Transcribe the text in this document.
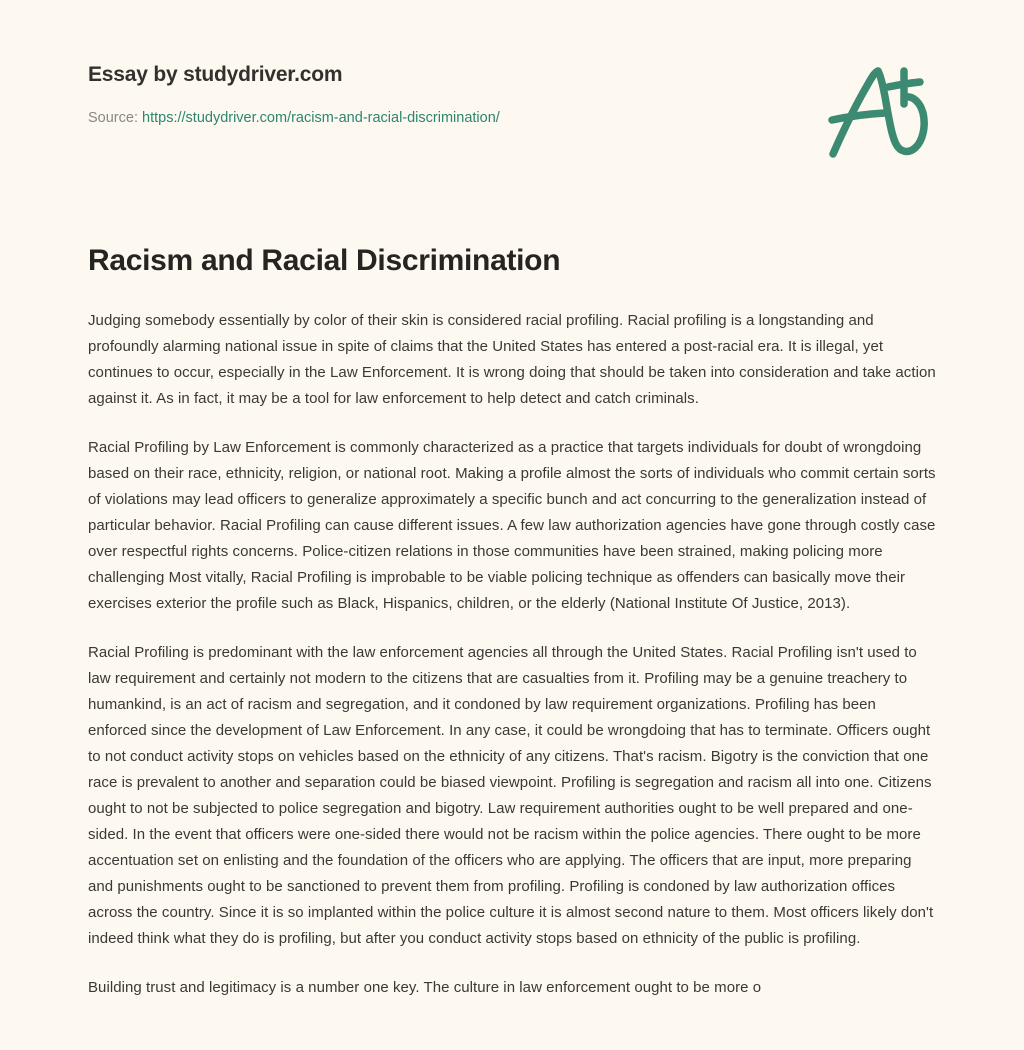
Essay by studydriver.com
Source: https://studydriver.com/racism-and-racial-discrimination/
Racism and Racial Discrimination

Judging somebody essentially by color of their skin is considered racial profiling. Racial profiling is a longstanding and profoundly alarming national issue in spite of claims that the United States has entered a post-racial era. It is illegal, yet continues to occur, especially in the Law Enforcement. It is wrong doing that should be taken into consideration and take action against it. As in fact, it may be a tool for law enforcement to help detect and catch criminals.

Racial Profiling by Law Enforcement is commonly characterized as a practice that targets individuals for doubt of wrongdoing based on their race, ethnicity, religion, or national root. Making a profile almost the sorts of individuals who commit certain sorts of violations may lead officers to generalize approximately a specific bunch and act concurring to the generalization instead of particular behavior. Racial Profiling can cause different issues. A few law authorization agencies have gone through costly case over respectful rights concerns. Police-citizen relations in those communities have been strained, making policing more challenging Most vitally, Racial Profiling is improbable to be viable policing technique as offenders can basically move their exercises exterior the profile such as Black, Hispanics, children, or the elderly (National Institute Of Justice, 2013).

Racial Profiling is predominant with the law enforcement agencies all through the United States. Racial Profiling isn't used to law requirement and certainly not modern to the citizens that are casualties from it. Profiling may be a genuine treachery to humankind, is an act of racism and segregation, and it condoned by law requirement organizations. Profiling has been enforced since the development of Law Enforcement. In any case, it could be wrongdoing that has to terminate. Officers ought to not conduct activity stops on vehicles based on the ethnicity of any citizens. That's racism. Bigotry is the conviction that one race is prevalent to another and separation could be biased viewpoint. Profiling is segregation and racism all into one. Citizens ought to not be subjected to police segregation and bigotry. Law requirement authorities ought to be well prepared and one-sided. In the event that officers were one-sided there would not be racism within the police agencies. There ought to be more accentuation set on enlisting and the foundation of the officers who are applying. The officers that are input, more preparing and punishments ought to be sanctioned to prevent them from profiling. Profiling is condoned by law authorization offices across the country. Since it is so implanted within the police culture it is almost second nature to them. Most officers likely don't indeed think what they do is profiling, but after you conduct activity stops based on ethnicity of the public is profiling.

Building trust and legitimacy is a number one key. The culture in law enforcement ought to be more o
